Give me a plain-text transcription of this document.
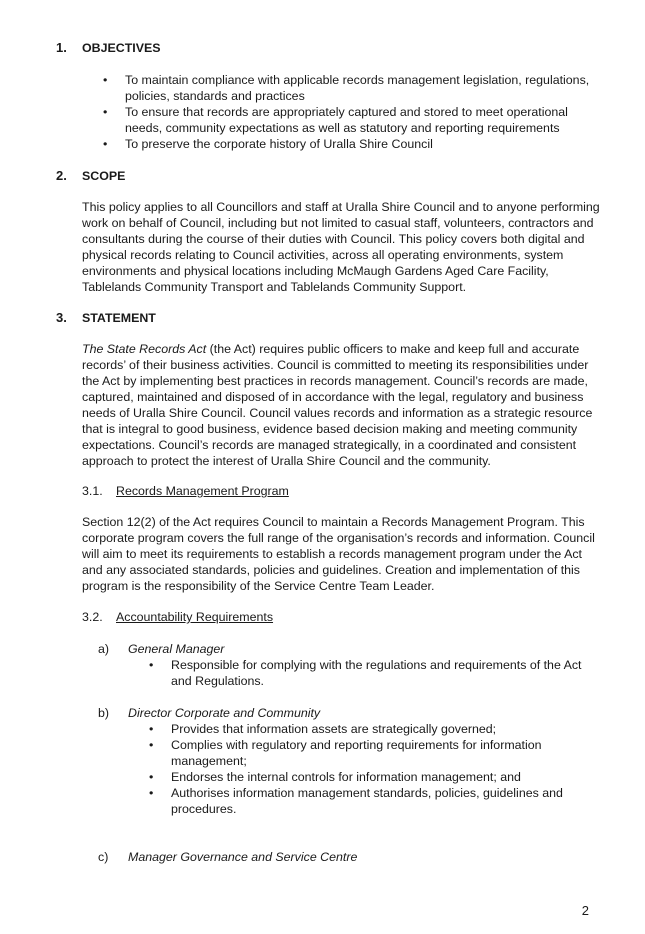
1. OBJECTIVES
• To maintain compliance with applicable records management legislation, regulations, policies, standards and practices
• To ensure that records are appropriately captured and stored to meet operational needs, community expectations as well as statutory and reporting requirements
• To preserve the corporate history of Uralla Shire Council
2. SCOPE
This policy applies to all Councillors and staff at Uralla Shire Council and to anyone performing work on behalf of Council, including but not limited to casual staff, volunteers, contractors and consultants during the course of their duties with Council. This policy covers both digital and physical records relating to Council activities, across all operating environments, system environments and physical locations including McMaugh Gardens Aged Care Facility, Tablelands Community Transport and Tablelands Community Support.
3. STATEMENT
The State Records Act (the Act) requires public officers to make and keep full and accurate records’ of their business activities. Council is committed to meeting its responsibilities under the Act by implementing best practices in records management. Council’s records are made, captured, maintained and disposed of in accordance with the legal, regulatory and business needs of Uralla Shire Council. Council values records and information as a strategic resource that is integral to good business, evidence based decision making and meeting community expectations. Council’s records are managed strategically, in a coordinated and consistent approach to protect the interest of Uralla Shire Council and the community.
3.1. Records Management Program
Section 12(2) of the Act requires Council to maintain a Records Management Program. This corporate program covers the full range of the organisation’s records and information. Council will aim to meet its requirements to establish a records management program under the Act and any associated standards, policies and guidelines. Creation and implementation of this program is the responsibility of the Service Centre Team Leader.
3.2. Accountability Requirements
a) General Manager
• Responsible for complying with the regulations and requirements of the Act and Regulations.
b) Director Corporate and Community
• Provides that information assets are strategically governed;
• Complies with regulatory and reporting requirements for information management;
• Endorses the internal controls for information management; and
• Authorises information management standards, policies, guidelines and procedures.
c) Manager Governance and Service Centre
2
